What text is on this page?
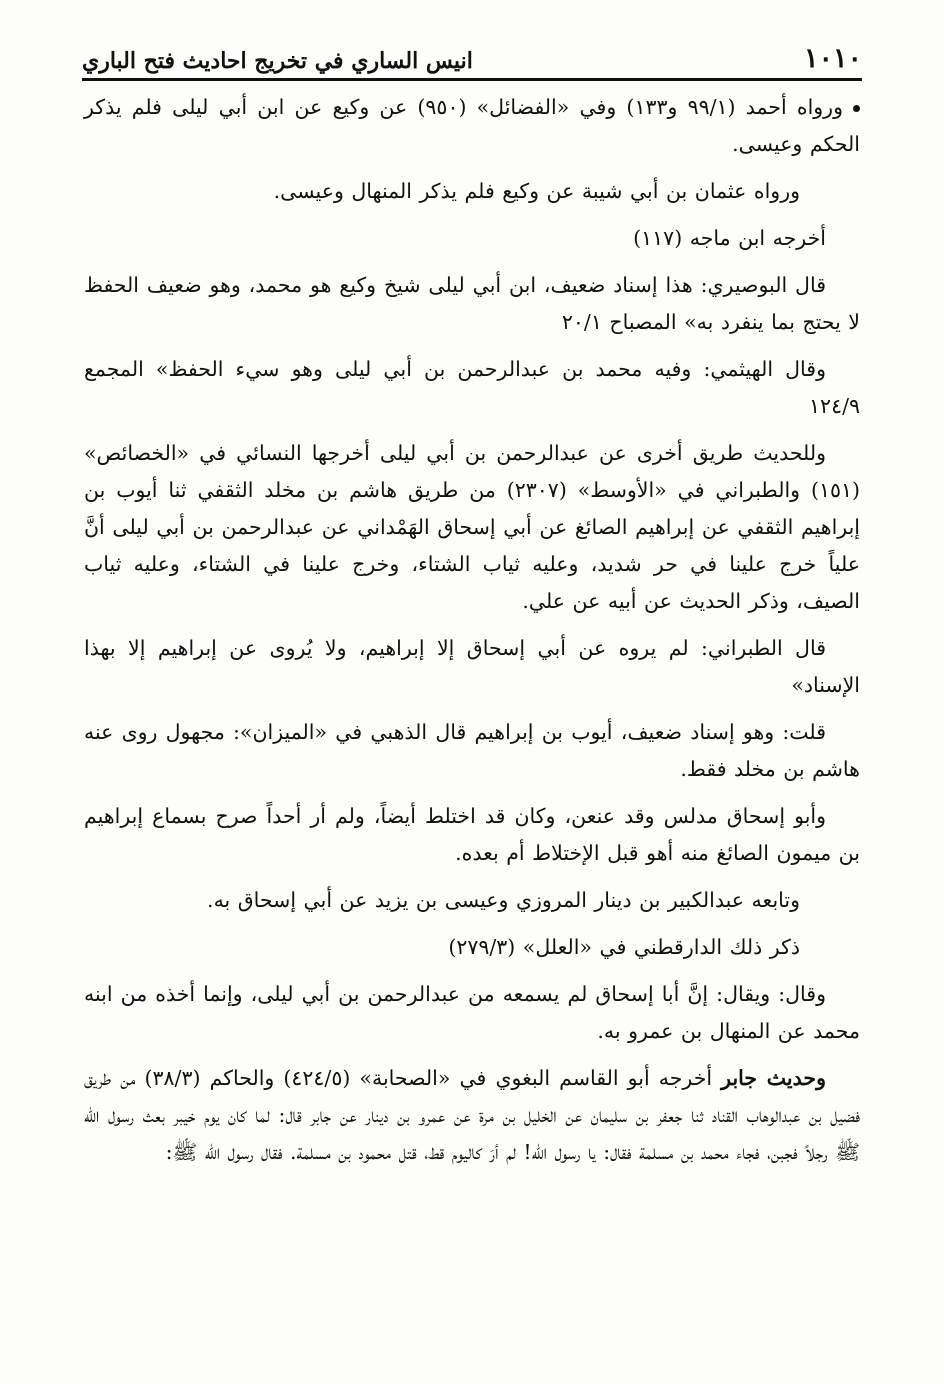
١٠١٠
انيس الساري في تخريج احاديث فتح الباري

ورواه أحمد (٩٩/١ و١٣٣) وفي «الفضائل» (٩٥٠) عن وكيع عن ابن أبي ليلى فلم يذكر الحكم وعيسى.

ورواه عثمان بن أبي شيبة عن وكيع فلم يذكر المنهال وعيسى.

أخرجه ابن ماجه (١١٧)

قال البوصيري: هذا إسناد ضعيف، ابن أبي ليلى شيخ وكيع هو محمد، وهو ضعيف الحفظ لا يحتج بما ينفرد به» المصباح ٢٠/١

وقال الهيثمي: وفيه محمد بن عبدالرحمن بن أبي ليلى وهو سيء الحفظ» المجمع ١٢٤/٩

وللحديث طريق أخرى عن عبدالرحمن بن أبي ليلى أخرجها النسائي في «الخصائص» (١٥١) والطبراني في «الأوسط» (٢٣٠٧) من طريق هاشم بن مخلد الثقفي ثنا أيوب بن إبراهيم الثقفي عن إبراهيم الصائغ عن أبي إسحاق الهَمْداني عن عبدالرحمن بن أبي ليلى أنَّ علياً خرج علينا في حر شديد، وعليه ثياب الشتاء، وخرج علينا في الشتاء، وعليه ثياب الصيف، وذكر الحديث عن أبيه عن علي.

قال الطبراني: لم يروه عن أبي إسحاق إلا إبراهيم، ولا يُروى عن إبراهيم إلا بهذا الإسناد»

قلت: وهو إسناد ضعيف، أيوب بن إبراهيم قال الذهبي في «الميزان»: مجهول روى عنه هاشم بن مخلد فقط.

وأبو إسحاق مدلس وقد عنعن، وكان قد اختلط أيضاً، ولم أر أحداً صرح بسماع إبراهيم بن ميمون الصائغ منه أهو قبل الإختلاط أم بعده.

وتابعه عبدالكبير بن دينار المروزي وعيسى بن يزيد عن أبي إسحاق به.

ذكر ذلك الدارقطني في «العلل» (٢٧٩/٣)

وقال: ويقال: إنَّ أبا إسحاق لم يسمعه من عبدالرحمن بن أبي ليلى، وإنما أخذه من ابنه محمد عن المنهال بن عمرو به.

وحديث جابر أخرجه أبو القاسم البغوي في «الصحابة» (٤٢٤/٥) والحاكم (٣٨/٣) من طريق فضيل بن عبدالوهاب القناد ثنا جعفر بن سليمان عن الخليل بن مرة عن عمرو بن دينار عن جابر قال: لما كان يوم خيبر بعث رسول الله ﷺ رجلاً فجبن، فجاء محمد بن مسلمة فقال: يا رسول الله! لم أرَ كاليوم قط، قتل محمود بن مسلمة. فقال رسول الله ﷺ:
